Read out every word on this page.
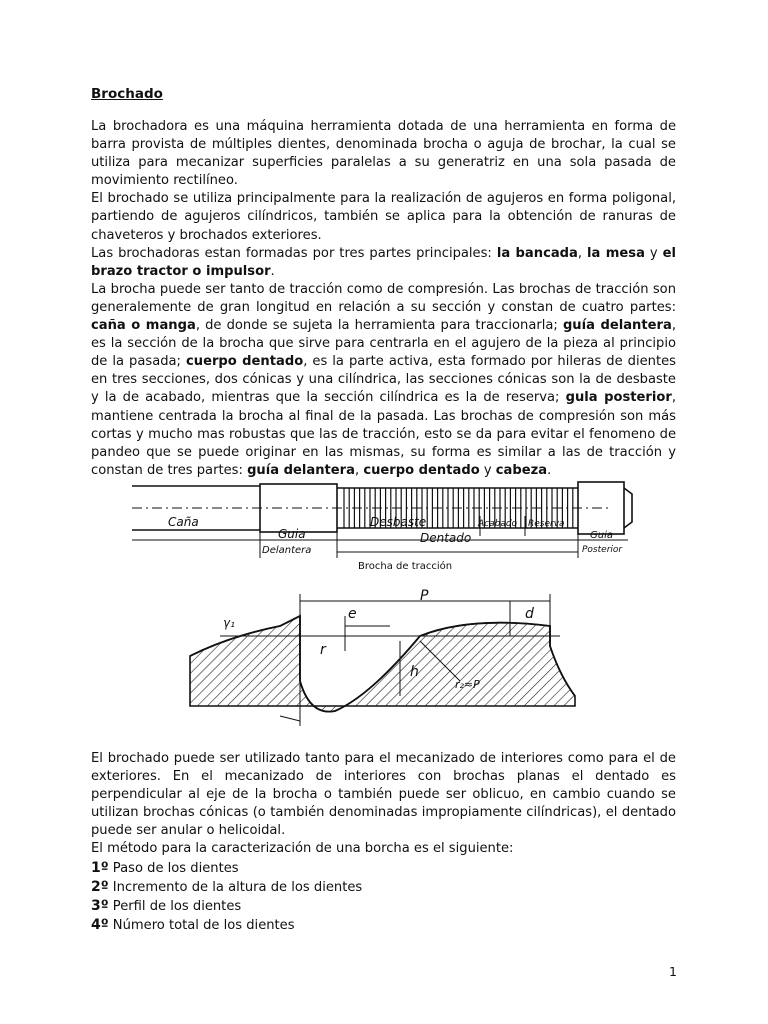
Brochado

La brochadora es una máquina herramienta dotada de una herramienta en forma de barra provista de múltiples dientes, denominada brocha o aguja de brochar, la cual se utiliza para mecanizar superficies paralelas a su generatriz en una sola pasada de movimiento rectilíneo.

El brochado se utiliza principalmente para la realización de agujeros en forma poligonal, partiendo de agujeros cilíndricos, también se aplica para la obtención de ranuras de chaveteros y brochados exteriores.

Las brochadoras estan formadas por tres partes principales: la bancada, la mesa y el brazo tractor o impulsor.

La brocha puede ser tanto de tracción como de compresión. Las brochas de tracción son generalemente de gran longitud en relación a su sección y constan de cuatro partes: caña o manga, de donde se sujeta la herramienta para traccionarla; guía delantera, es la sección de la brocha que sirve para centrarla en el agujero de la pieza al principio de la pasada; cuerpo dentado, es la parte activa, esta formado por hileras de dientes en tres secciones, dos cónicas y una cilíndrica, las secciones cónicas son la de desbaste y la de acabado, mientras que la sección cilíndrica es la de reserva; gula posterior, mantiene centrada la brocha al final de la pasada. Las brochas de compresión son más cortas y mucho mas robustas que las de tracción, esto se da para evitar el fenomeno de pandeo que se puede originar en las mismas, su forma es similar a las de tracción y constan de tres partes: guía delantera, cuerpo dentado y cabeza.

Caña
Guia
Delantera
Desbaste	Acabado Reserva
Dentado	Guia
Posterior
Brocha de tracción
P
e	d
h
r
r₂≈P
γ₁

El brochado puede ser utilizado tanto para el mecanizado de interiores como para el de exteriores. En el mecanizado de interiores con brochas planas el dentado es perpendicular al eje de la brocha o también puede ser oblicuo, en cambio cuando se utilizan brochas cónicas (o también denominadas impropiamente cilíndricas), el dentado puede ser anular o helicoidal.

El método para la caracterización de una borcha es el siguiente:

1º Paso de los dientes
2º Incremento de la altura de los dientes
3º Perfil de los dientes
4º Número total de los dientes
1
